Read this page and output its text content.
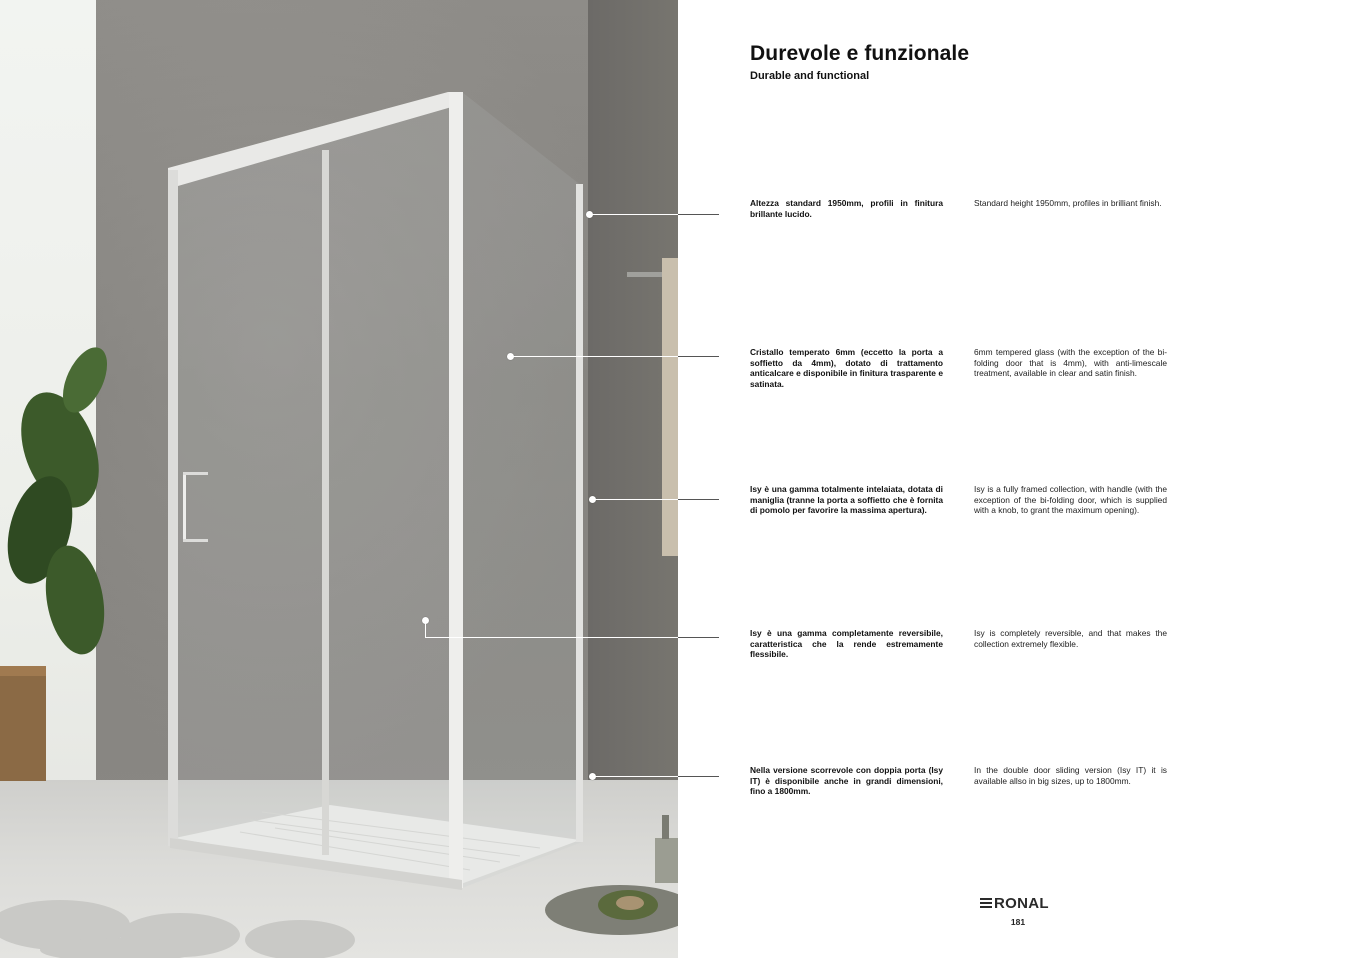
Durevole e funzionale

Durable and functional

Altezza standard 1950mm, profili in finitura brillante lucido.

Standard height 1950mm, profiles in brilliant finish.

Cristallo temperato 6mm (eccetto la porta a soffietto da 4mm), dotato di trattamento anticalcare e disponibile in finitura trasparente e satinata.

6mm tempered glass (with the exception of the bi-folding door that is 4mm), with anti-limescale treatment, available in clear and satin finish.

Isy è una gamma totalmente intelaiata, dotata di maniglia (tranne la porta a soffietto che è fornita di pomolo per favorire la massima apertura).

Isy is a fully framed collection, with handle (with the exception of the bi-folding door, which is supplied with a knob, to grant the maximum opening).

Isy è una gamma completamente reversibile, caratteristica che la rende estremamente flessibile.

Isy is completely reversible, and that makes the collection extremely flexible.

Nella versione scorrevole con doppia porta (Isy IT) è disponibile anche in grandi dimensioni, fino a 1800mm.

In the double door sliding version (Isy IT) it is available allso in big sizes, up to 1800mm.

RONAL
181
